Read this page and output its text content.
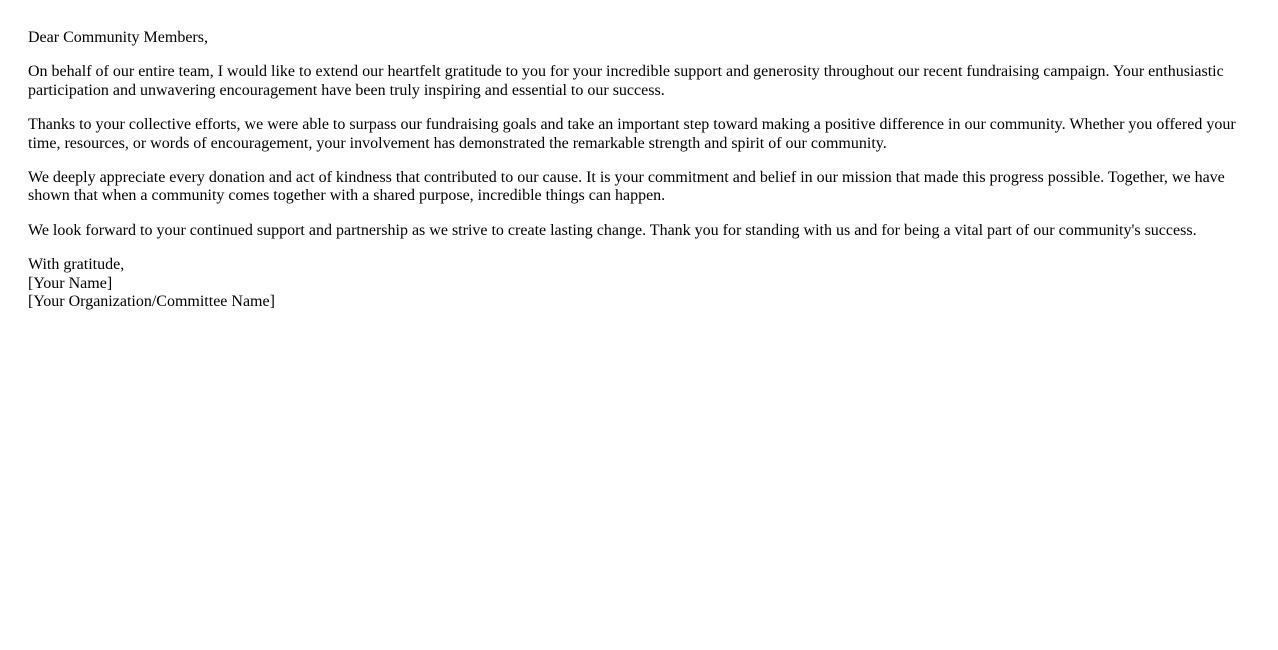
Dear Community Members,

On behalf of our entire team, I would like to extend our heartfelt gratitude to you for your incredible support and generosity throughout our recent fundraising campaign. Your enthusiastic participation and unwavering encouragement have been truly inspiring and essential to our success.

Thanks to your collective efforts, we were able to surpass our fundraising goals and take an important step toward making a positive difference in our community. Whether you offered your time, resources, or words of encouragement, your involvement has demonstrated the remarkable strength and spirit of our community.

We deeply appreciate every donation and act of kindness that contributed to our cause. It is your commitment and belief in our mission that made this progress possible. Together, we have shown that when a community comes together with a shared purpose, incredible things can happen.

We look forward to your continued support and partnership as we strive to create lasting change. Thank you for standing with us and for being a vital part of our community's success.

With gratitude,
[Your Name]
[Your Organization/Committee Name]
